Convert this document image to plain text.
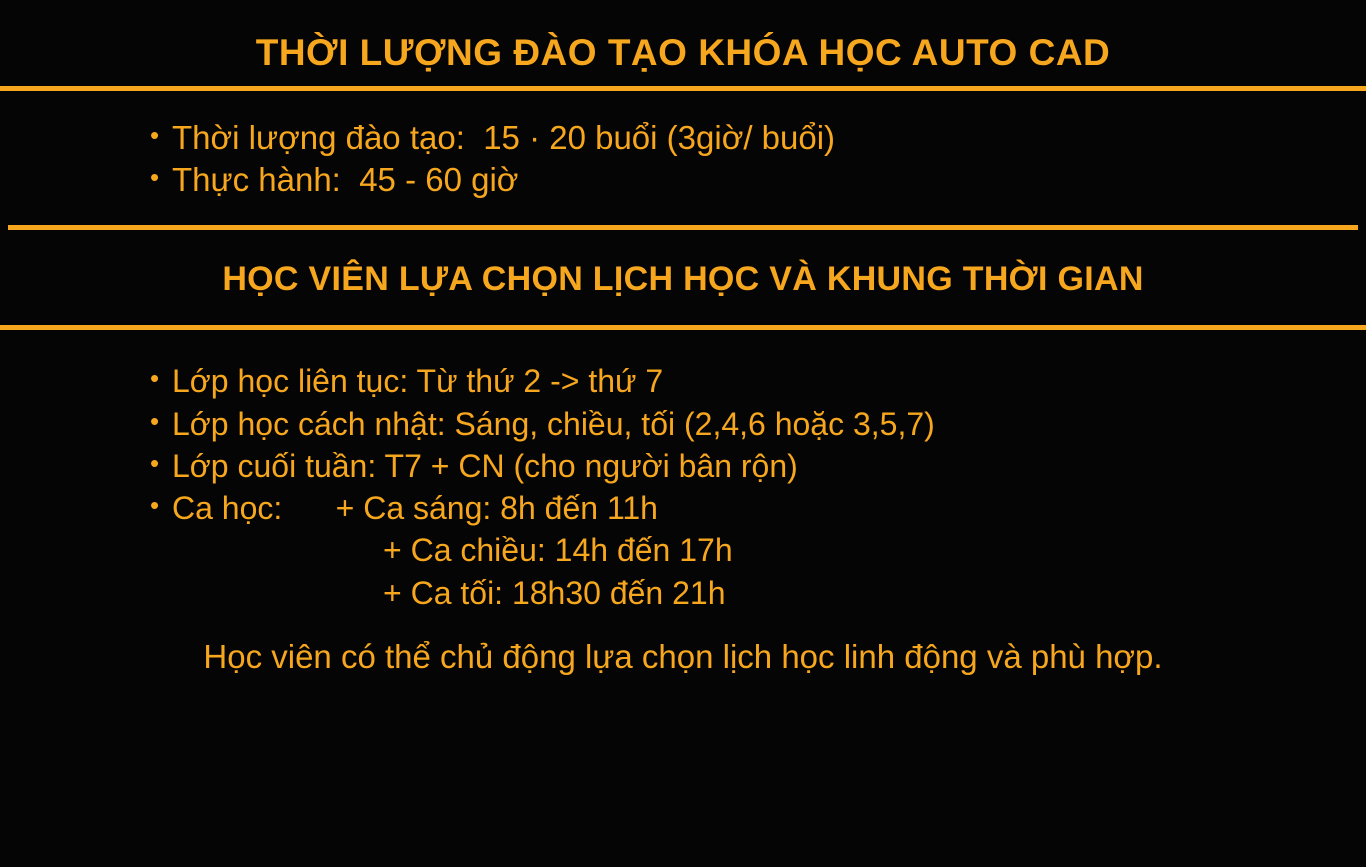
THỜI LƯỢNG ĐÀO TẠO KHÓA HỌC AUTO CAD
• Thời lượng đào tạo:  15 · 20 buổi (3giờ/ buổi)
• Thực hành:  45 - 60 giờ
HỌC VIÊN LỰA CHỌN LỊCH HỌC VÀ KHUNG THỜI GIAN
• Lớp học liên tục: Từ thứ 2 -> thứ 7
• Lớp học cách nhật: Sáng, chiều, tối (2,4,6 hoặc 3,5,7)
• Lớp cuối tuần: T7 + CN (cho người bân rộn)
• Ca học:      + Ca sáng: 8h đến 11h
+ Ca chiều: 14h đến 17h
+ Ca tối: 18h30 đến 21h
Học viên có thể chủ động lựa chọn lịch học linh động và phù hợp.
